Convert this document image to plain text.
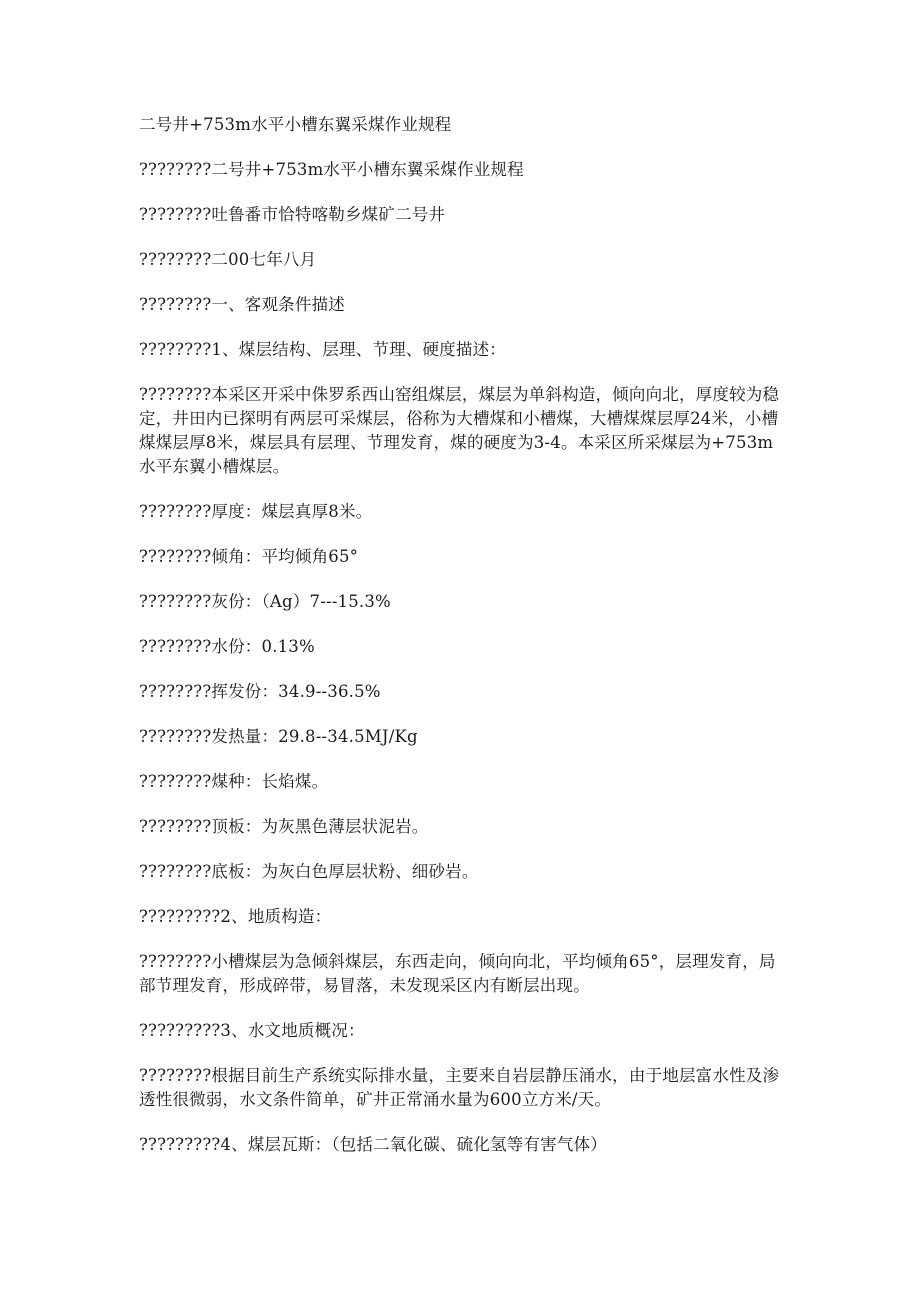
二号井+753m水平小槽东翼采煤作业规程

????????二号井+753m水平小槽东翼采煤作业规程

????????吐鲁番市恰特喀勒乡煤矿二号井

????????二00七年八月

????????一、客观条件描述

????????1、煤层结构、层理、节理、硬度描述：

????????本采区开采中侏罗系西山窑组煤层，煤层为单斜构造，倾向向北，厚度较为稳定，井田内已探明有两层可采煤层，俗称为大槽煤和小槽煤，大槽煤煤层厚24米，小槽煤煤层厚8米，煤层具有层理、节理发育，煤的硬度为3-4。本采区所采煤层为+753m水平东翼小槽煤层。

????????厚度：煤层真厚8米。

????????倾角：平均倾角65°

????????灰份：（Ag）7---15.3%

????????水份：0.13%

????????挥发份：34.9--36.5%

????????发热量：29.8--34.5MJ/Kg

????????煤种：长焰煤。

????????顶板：为灰黑色薄层状泥岩。

????????底板：为灰白色厚层状粉、细砂岩。

?????????2、地质构造：

????????小槽煤层为急倾斜煤层，东西走向，倾向向北，平均倾角65°，层理发育，局部节理发育，形成碎带，易冒落，未发现采区内有断层出现。

?????????3、水文地质概况：

????????根据目前生产系统实际排水量，主要来自岩层静压涌水，由于地层富水性及渗透性很微弱，水文条件简单，矿井正常涌水量为600立方米/天。

?????????4、煤层瓦斯：（包括二氧化碳、硫化氢等有害气体）
